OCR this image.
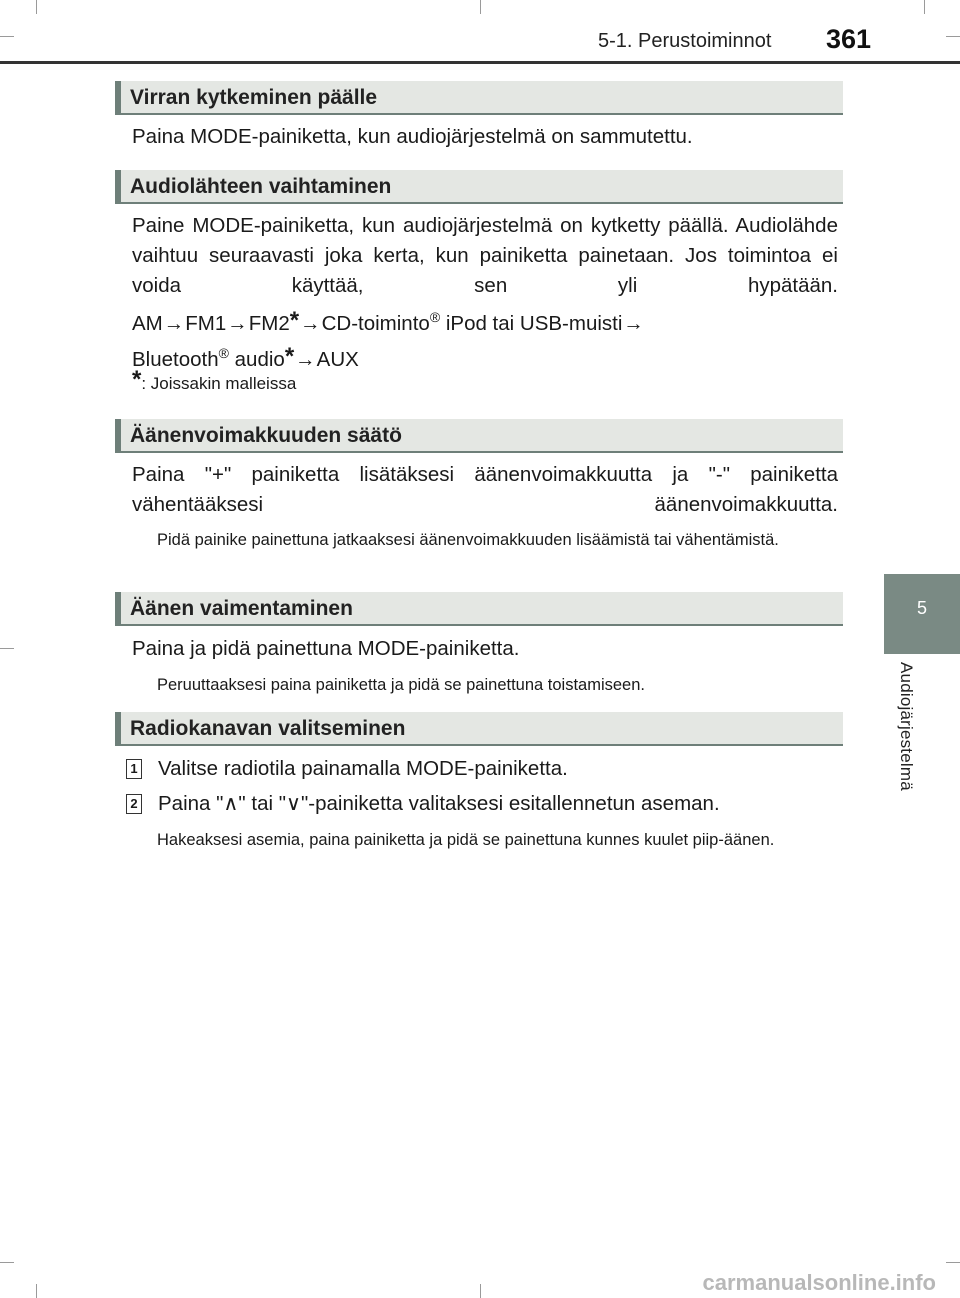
5-1. Perustoiminnot 361
5
Audiojärjestelmä
Virran kytkeminen päälle
Paina MODE-painiketta, kun audiojärjestelmä on sammutettu.
Audiolähteen vaihtaminen
Paine MODE-painiketta, kun audiojärjestelmä on kytketty päällä. Audiolähde vaihtuu seuraavasti joka kerta, kun painiketta painetaan. Jos toimintoa ei voida käyttää, sen yli hypätään.
AM→FM1→FM2*→CD-toiminto® iPod tai USB-muisti→
Bluetooth® audio*→AUX
*: Joissakin malleissa
Äänenvoimakkuuden säätö
Paina "+" painiketta lisätäksesi äänenvoimakkuutta ja "-" painiketta vähentääksesi äänenvoimakkuutta.
Pidä painike painettuna jatkaaksesi äänenvoimakkuuden lisäämistä tai vähentämistä.
Äänen vaimentaminen
Paina ja pidä painettuna MODE-painiketta.
Peruuttaaksesi paina painiketta ja pidä se painettuna toistamiseen.
Radiokanavan valitseminen
1 Valitse radiotila painamalla MODE-painiketta.
2 Paina "∧" tai "∨"-painiketta valitaksesi esitallennetun aseman.
Hakeaksesi asemia, paina painiketta ja pidä se painettuna kunnes kuulet piip-äänen.
carmanualsonline.info
